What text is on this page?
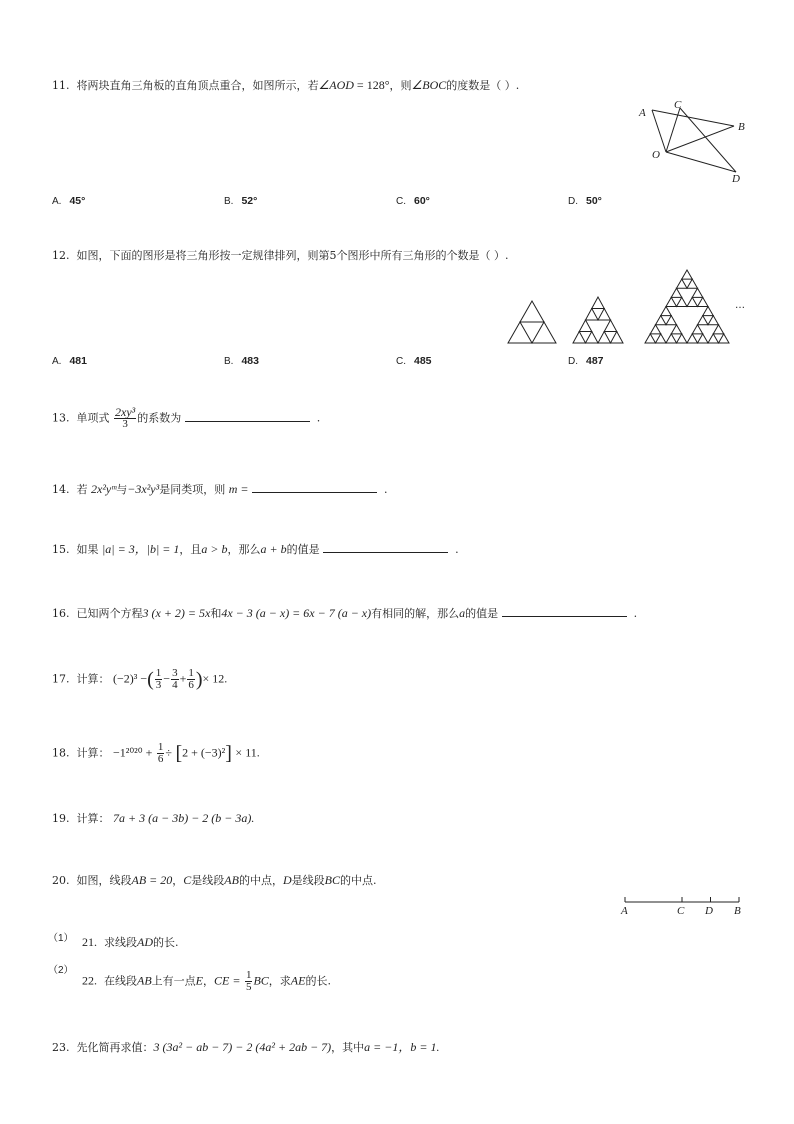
11. 将两块直角三角板的直角顶点重合，如图所示，若∠AOD = 128°，则∠BOC的度数是（ ）.
A
B
C
O
D
A. 45°	B. 52°	C. 60°	D. 50°
12. 如图，下面的图形是将三角形按一定规律排列，则第5个图形中所有三角形的个数是（ ）.
…
A. 481	B. 483	C. 485	D. 487
13. 单项式 $\frac{\text{2xy³}}{3}$ 的系数为	.
14. 若 2x²yᵐ与−3x²y³是同类项，则 m =	.
15. 如果 |a| = 3，|b| = 1，且a > b，那么a + b的值是	.
16. 已知两个方程3 (x + 2) = 5x和4x − 3 (a − x) = 6x − 7 (a − x)有相同的解，那么a的值是	.
17. 计算： (−2)³ −( $\frac{1}{3} - \frac{3}{4} + \frac{1}{6}$ )× 12.
18. 计算： $-1^{2020} + \frac{1}{6} \div [2 + (-3)^2] \times 11$.
19. 计算： 7a + 3 (a − 3b) − 2 (b − 3a).
20. 如图，线段AB = 20，C是线段AB的中点，D是线段BC的中点.
A	C D B
（1） 21. 求线段AD的长.
（2）
22. 在线段AB上有一点E，CE = $\frac{1}{5}$ BC，求AE的长.
23. 先化简再求值：3 (3a² − ab − 7) − 2 (4a² + 2ab − 7)，其中a = −1，b = 1.
